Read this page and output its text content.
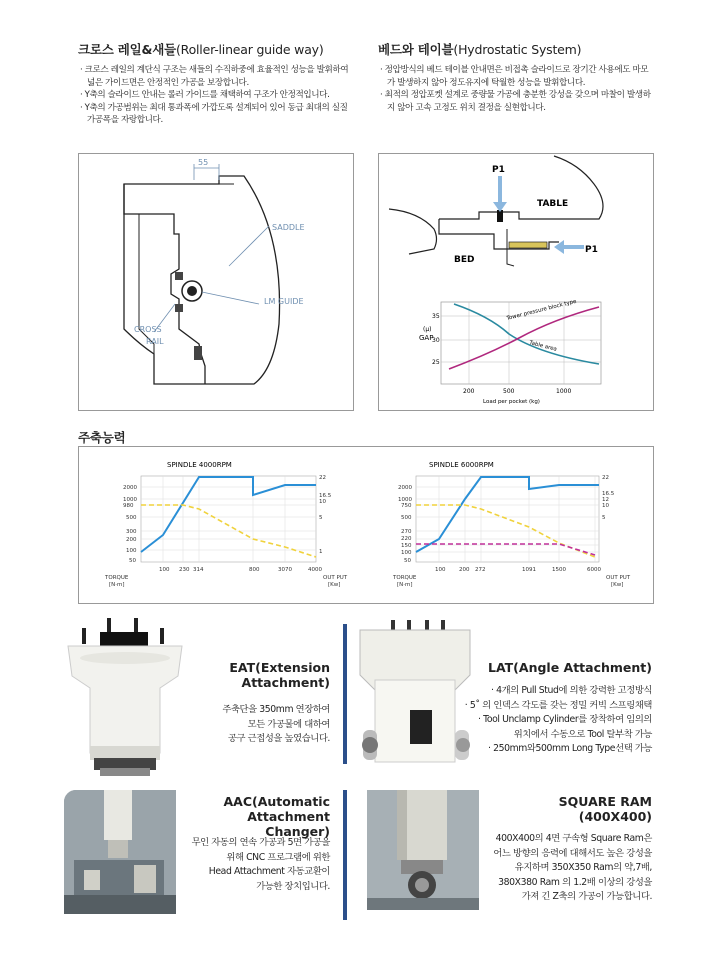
크로스 레일&새들(Roller-linear guide way)
· 크로스 레일의 계단식 구조는 새들의 수직하중에 효율적인 성능을 발휘하여 넓은 가이드면은 안정적인 가공을 보장합니다.
· Y축의 슬라이드 안내는 롤러 가이드를 채택하여 구조가 안정적입니다.
· Y축의 가공범위는 최대 통과폭에 가깝도록 설계되어 있어 동급 최대의 실질 가공폭을 자랑합니다.
55
SADDLE
LM GUIDE
CROSS
RAIL
베드와 테이블(Hydrostatic System)
· 정압방식의 베드 테이블 안내면은 비접촉 슬라이드로 장기간 사용에도 마모가 발생하지 않아 정도유지에 탁월한 성능을 발휘합니다.
· 최적의 정압포켓 설계로 중량물 가공에 충분한 강성을 갖으며 마찰이 발생하지 않아 고속 고정도 위치 결정을 실현합니다.
P1
TABLE
BED
P1
Tower pressure block type
Table area
(μ)
GAP
35
30
25
200	500	1000
Load per pocket (kg)
주축능력
SPINDLE 4000RPM
2000
1000
980
500
300
200
100
50
22
16.5
10
5
1
100 230 314	800	3070	4000
TORQUE
[N·m]
OUT PUT
[Kw]
SPINDLE 6000RPM
2000
1000
750
500
270
220
150
100
50
22
16.5
12
10
5
100 200 272	1091	1500	6000
TORQUE
[N·m]
OUT PUT
[Kw]
EAT(Extension
Attachment)
주축단을 350mm 연장하여
모든 가공물에 대하여
공구 근접성을 높였습니다.
LAT(Angle Attachment)
· 4개의 Pull Stud에 의한 강력한 고정방식
· 5˚ 의 인덱스 각도를 갖는 정밀 커빅 스프링채택
· Tool Unclamp Cylinder를 장착하여 임의의
위치에서 수동으로 Tool 탈부착 가능
· 250mm와500mm Long Type선택 가능
AAC(Automatic
Attachment Changer)
무인 자동의 연속 가공과 5면 가공을
위해 CNC 프로그램에 위한
Head Attachment 자동교환이
가능한 장치입니다.
SQUARE RAM
(400X400)
400X400의 4면 구속형 Square Ram은
어느 방향의 응력에 대해서도 높은 강성을
유지하며 350X350 Ram의 약,7배,
380X380 Ram 의 1.2배 이상의 강성을
가져 긴 Z축의 가공이 가능합니다.
